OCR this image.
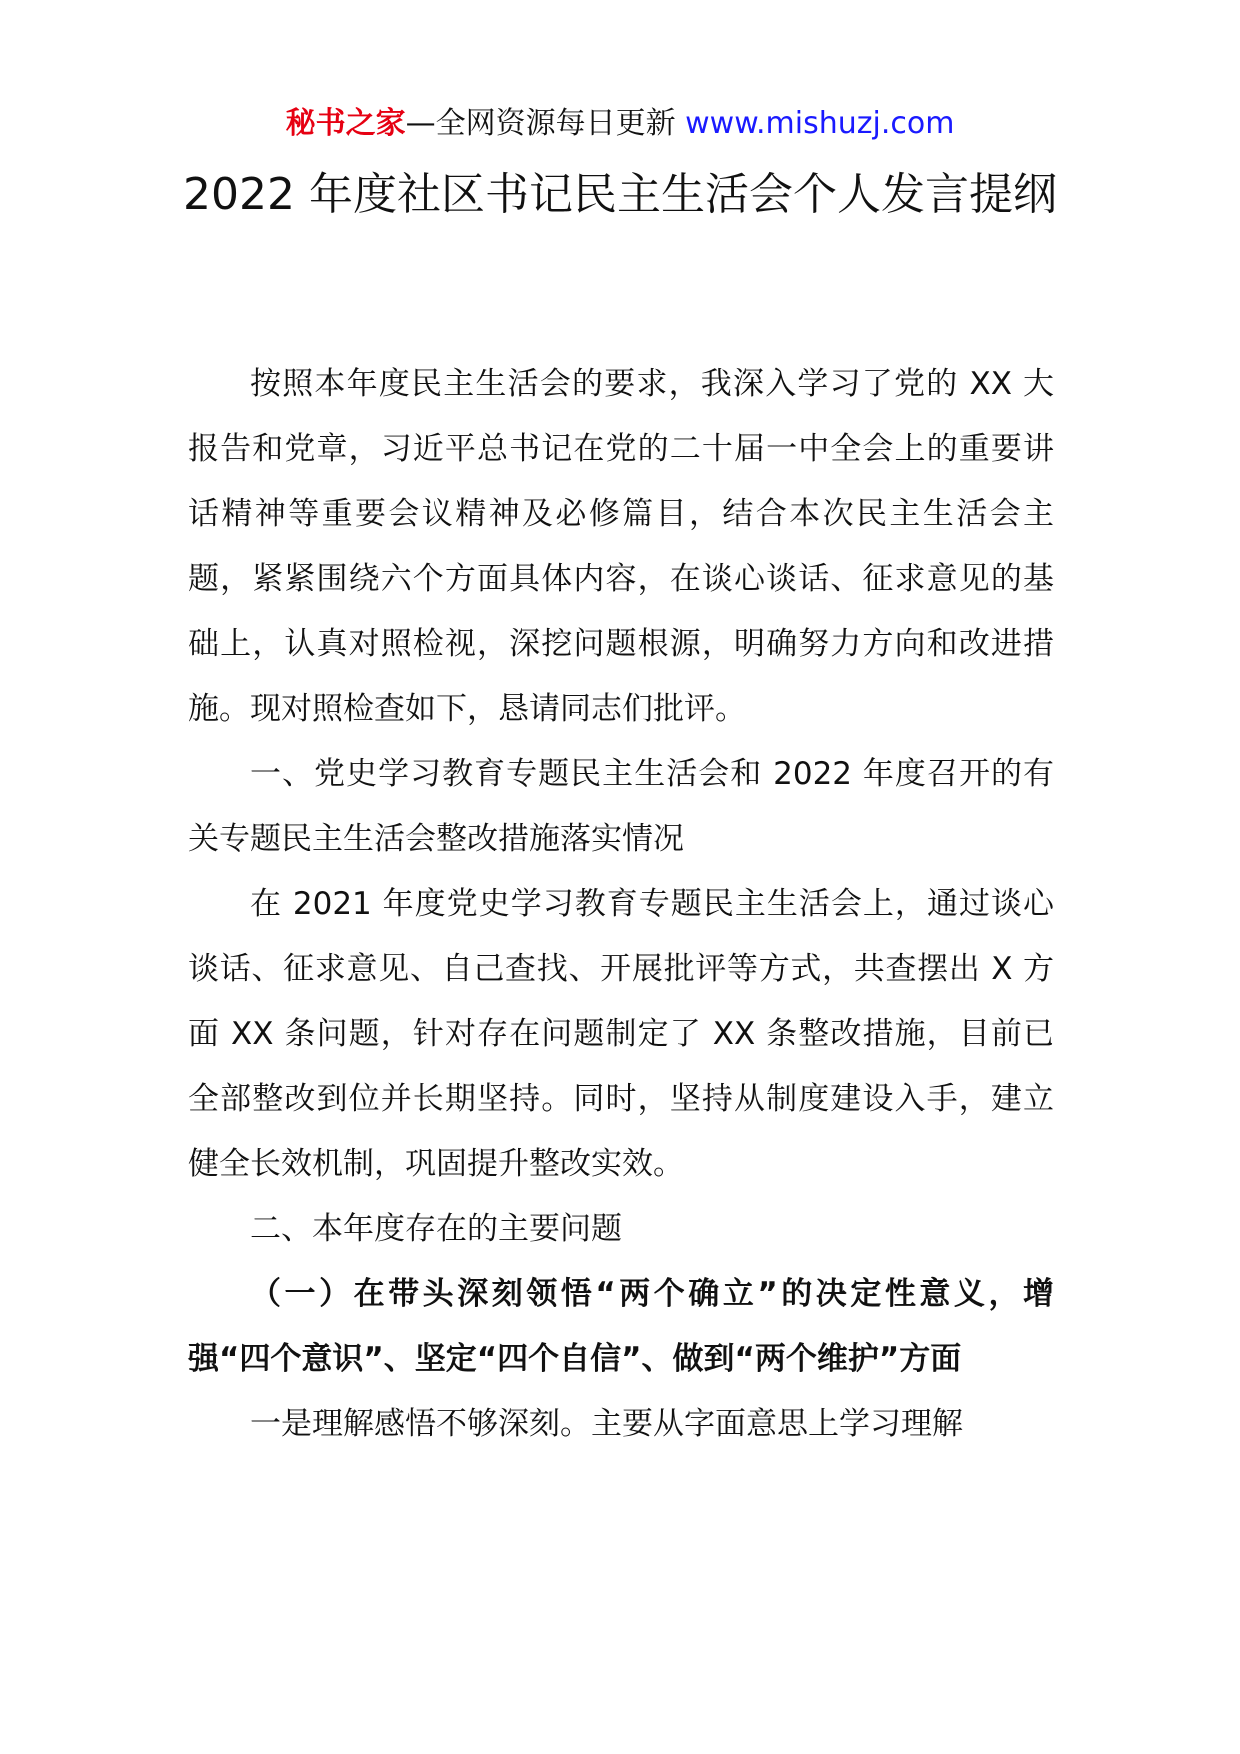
秘书之家—全网资源每日更新 www.mishuzj.com
2022 年度社区书记民主生活会个人发言提纲

按照本年度民主生活会的要求，我深入学习了党的 XX 大报告和党章，习近平总书记在党的二十届一中全会上的重要讲话精神等重要会议精神及必修篇目，结合本次民主生活会主题，紧紧围绕六个方面具体内容，在谈心谈话、征求意见的基础上，认真对照检视，深挖问题根源，明确努力方向和改进措施。现对照检查如下，恳请同志们批评。

一、党史学习教育专题民主生活会和 2022 年度召开的有关专题民主生活会整改措施落实情况

在 2021 年度党史学习教育专题民主生活会上，通过谈心谈话、征求意见、自己查找、开展批评等方式，共查摆出 X 方面 XX 条问题，针对存在问题制定了 XX 条整改措施，目前已全部整改到位并长期坚持。同时，坚持从制度建设入手，建立健全长效机制，巩固提升整改实效。

二、本年度存在的主要问题

（一）在带头深刻领悟“两个确立”的决定性意义，增强“四个意识”、坚定“四个自信”、做到“两个维护”方面

一是理解感悟不够深刻。主要从字面意思上学习理解
